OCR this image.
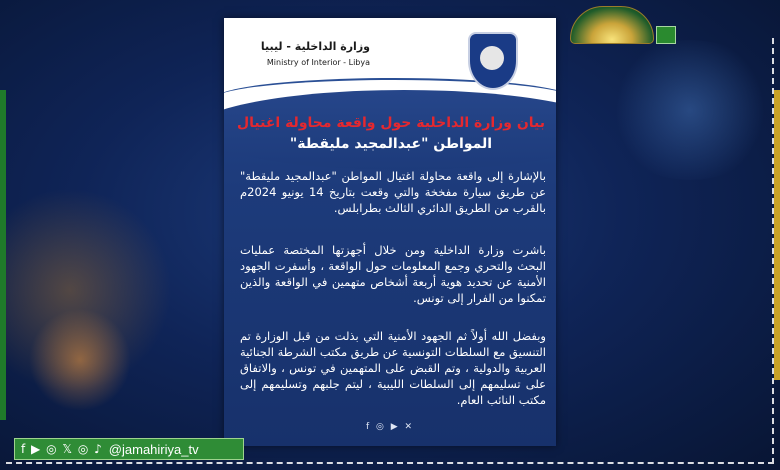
وزارة الداخلية - ليبيا
Ministry of Interior - Libya
بيان وزارة الداخلية حول واقعة محاولة اغتيال
المواطن "عبدالمجيد مليقطة"
بالإشارة إلى واقعة محاولة اغتيال المواطن "عبدالمجيد مليقطة" عن طريق سيارة مفخخة والتي وقعت بتاريخ 14 يونيو 2024م بالقرب من الطريق الدائري الثالث بطرابلس.
باشرت وزارة الداخلية ومن خلال أجهزتها المختصة عمليات البحث والتحري وجمع المعلومات حول الواقعة ، وأسفرت الجهود الأمنية عن تحديد هوية أربعة أشخاص متهمين في الواقعة والذين تمكنوا من الفرار إلى تونس.
وبفضل الله أولاً ثم الجهود الأمنية التي بذلت من قبل الوزارة تم التنسيق مع السلطات التونسية عن طريق مكتب الشرطة الجنائية العربية والدولية ، وتم القبض على المتهمين في تونس ، والاتفاق على تسليمهم إلى السلطات الليبية ، ليتم جلبهم وتسليمهم إلى مكتب النائب العام.
f ◎ ▶ ✕
f ▶ ◎ 𝕏 ◎ ♪ @jamahiriya_tv
